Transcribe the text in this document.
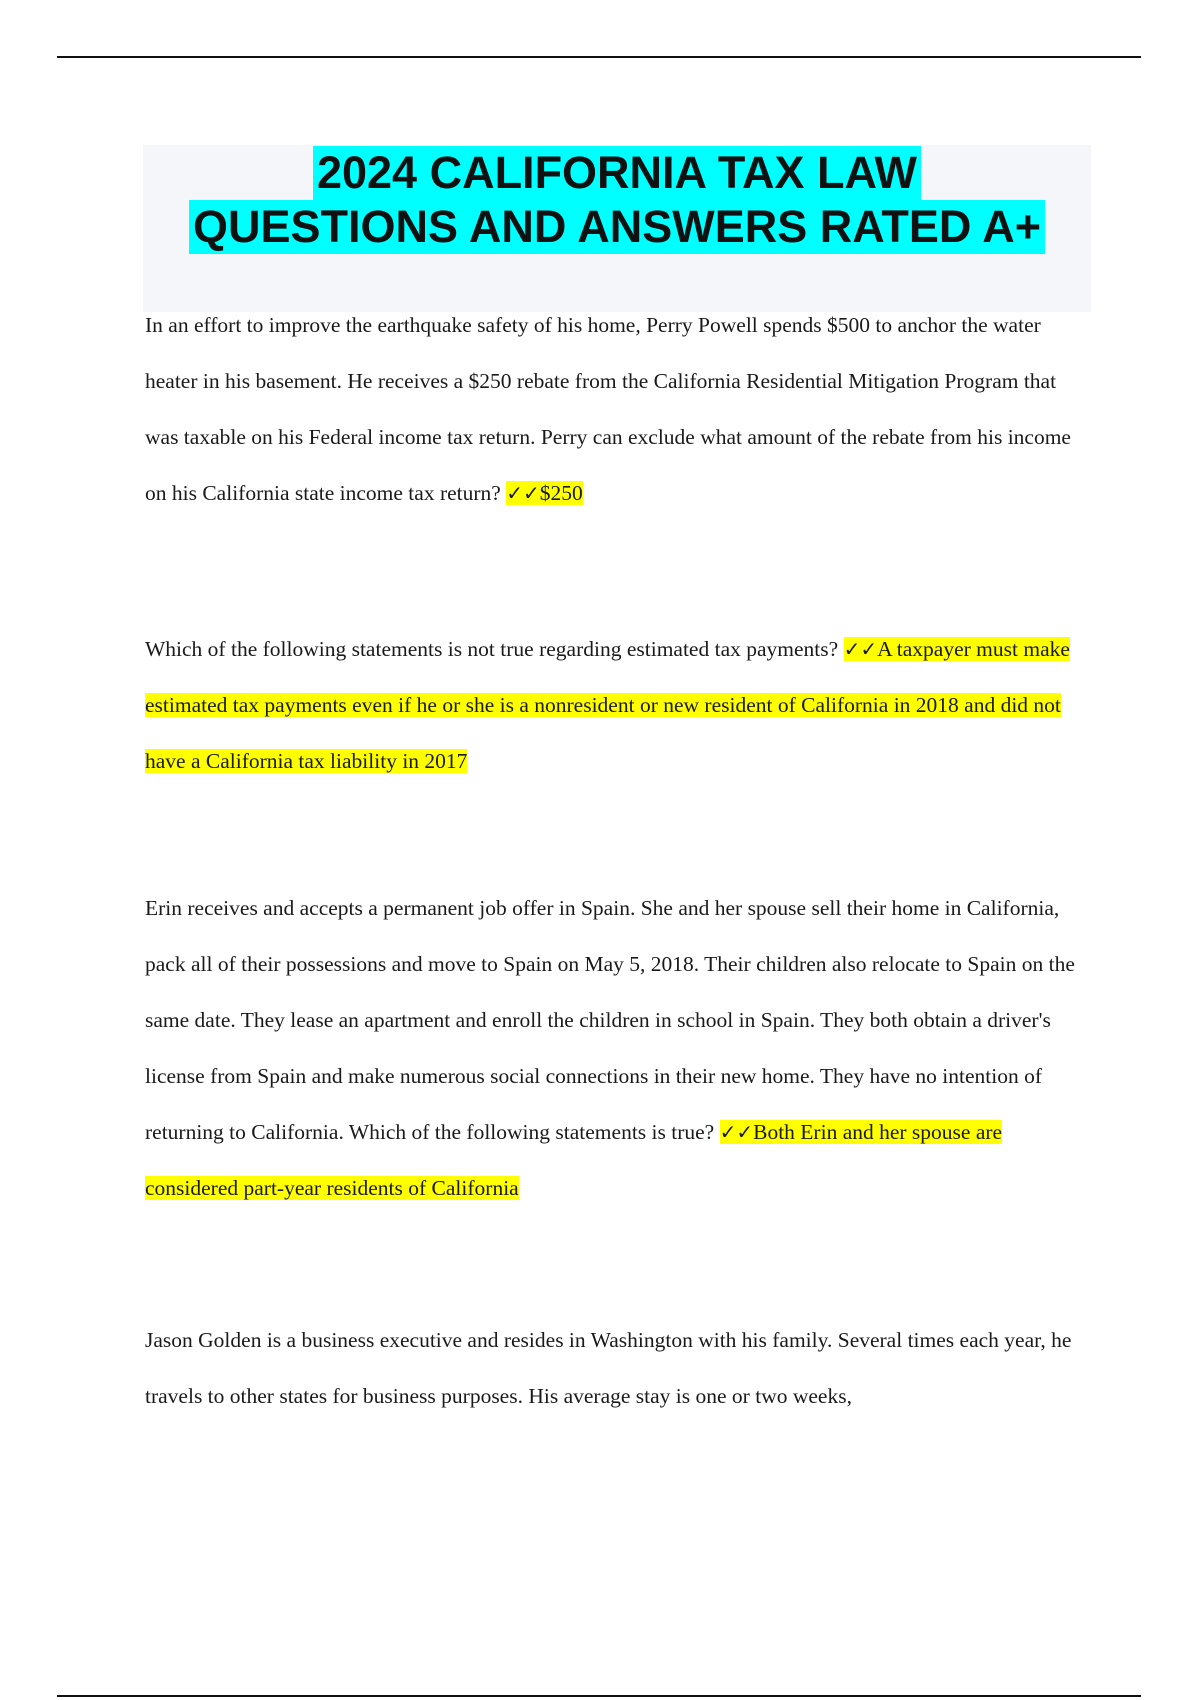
2024 CALIFORNIA TAX LAW
QUESTIONS AND ANSWERS RATED A+
In an effort to improve the earthquake safety of his home, Perry Powell spends $500 to anchor the water heater in his basement. He receives a $250 rebate from the California Residential Mitigation Program that was taxable on his Federal income tax return. Perry can exclude what amount of the rebate from his income on his California state income tax return? ✓✓$250
Which of the following statements is not true regarding estimated tax payments? ✓✓A taxpayer must make estimated tax payments even if he or she is a nonresident or new resident of California in 2018 and did not have a California tax liability in 2017
Erin receives and accepts a permanent job offer in Spain. She and her spouse sell their home in California, pack all of their possessions and move to Spain on May 5, 2018. Their children also relocate to Spain on the same date. They lease an apartment and enroll the children in school in Spain. They both obtain a driver's license from Spain and make numerous social connections in their new home. They have no intention of returning to California. Which of the following statements is true? ✓✓Both Erin and her spouse are considered part-year residents of California
Jason Golden is a business executive and resides in Washington with his family. Several times each year, he travels to other states for business purposes. His average stay is one or two weeks,
